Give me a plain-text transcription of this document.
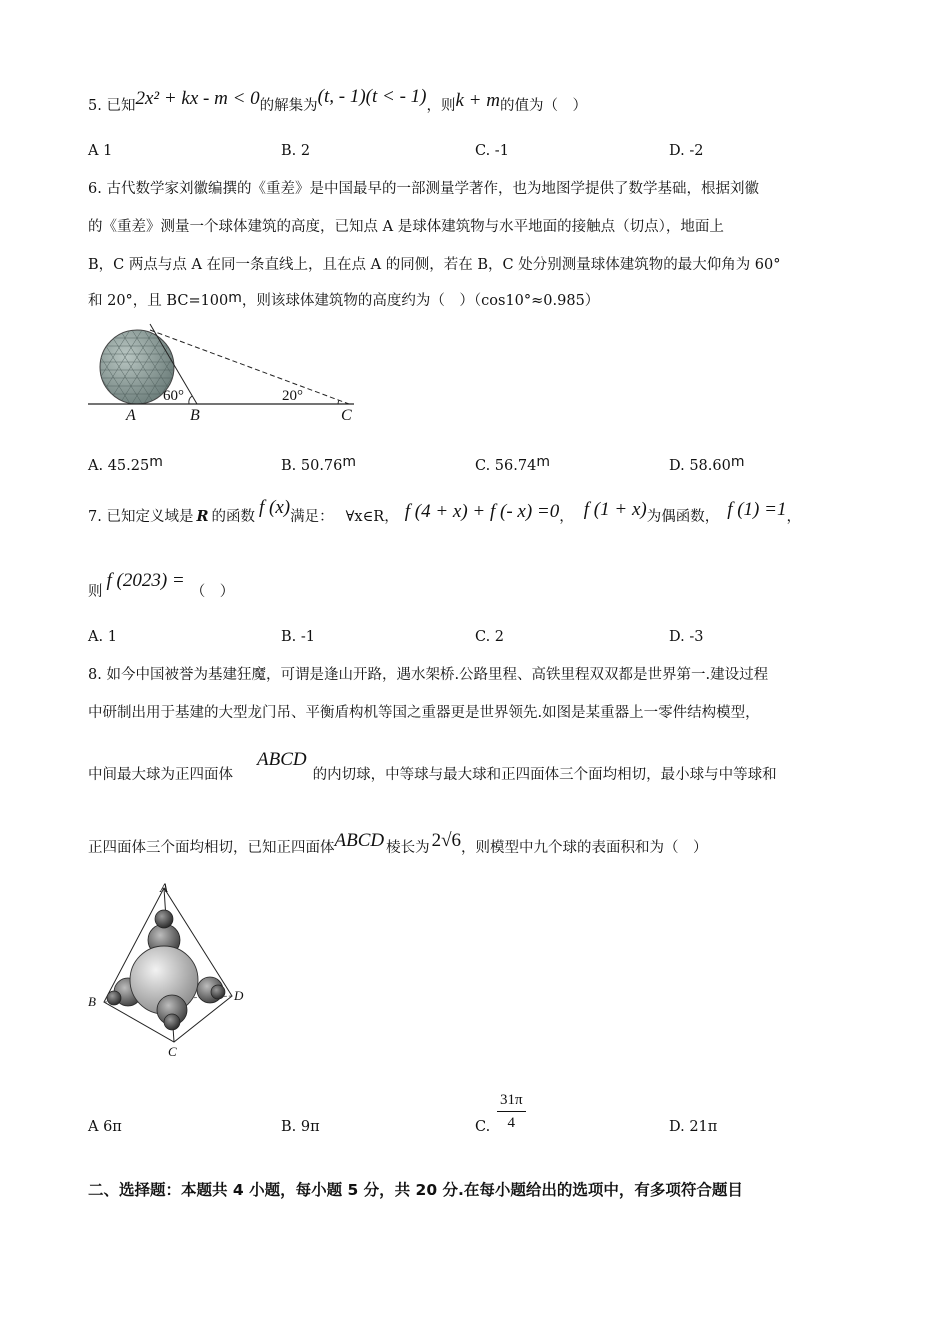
5. 已知2x² + kx - m < 0的解集为(t, - 1)(t < - 1)，则k + m的值为（　）
A 1	B. 2	C. -1	D. -2
6. 古代数学家刘徽编撰的《重差》是中国最早的一部测量学著作，也为地图学提供了数学基础，根据刘徽
的《重差》测量一个球体建筑的高度，已知点 A 是球体建筑物与水平地面的接触点（切点），地面上
B，C 两点与点 A 在同一条直线上，且在点 A 的同侧，若在 B，C 处分别测量球体建筑物的最大仰角为 60°
和 20°，且 BC=100m，则该球体建筑物的高度约为（　）（cos10°≈0.985）
60°	20°
A	B	C
A. 45.25m	B. 50.76m	C. 56.74m	D. 58.60m
7. 已知定义域是 R 的函数 f (x)满足： ∀x∈R， f (4 + x) + f (- x) =0， f (1 + x)为偶函数， f (1) =1，
则f (2023) =（　）
A. 1	B. -1	C. 2	D. -3
8. 如今中国被誉为基建狂魔，可谓是逢山开路，遇水架桥.公路里程、高铁里程双双都是世界第一.建设过程
中研制出用于基建的大型龙门吊、平衡盾构机等国之重器更是世界领先.如图是某重器上一零件结构模型，
中间最大球为正四面体ABCD的内切球，中等球与最大球和正四面体三个面均相切，最小球与中等球和
正四面体三个面均相切，已知正四面体ABCD 棱长为 2√6，则模型中九个球的表面积和为（　）
A
B
C
D
A 6π	B. 9π	C. $\frac{31\pi}{4}$	D. 21π
二、选择题：本题共 4 小题，每小题 5 分，共 20 分.在每小题给出的选项中，有多项符合题目
